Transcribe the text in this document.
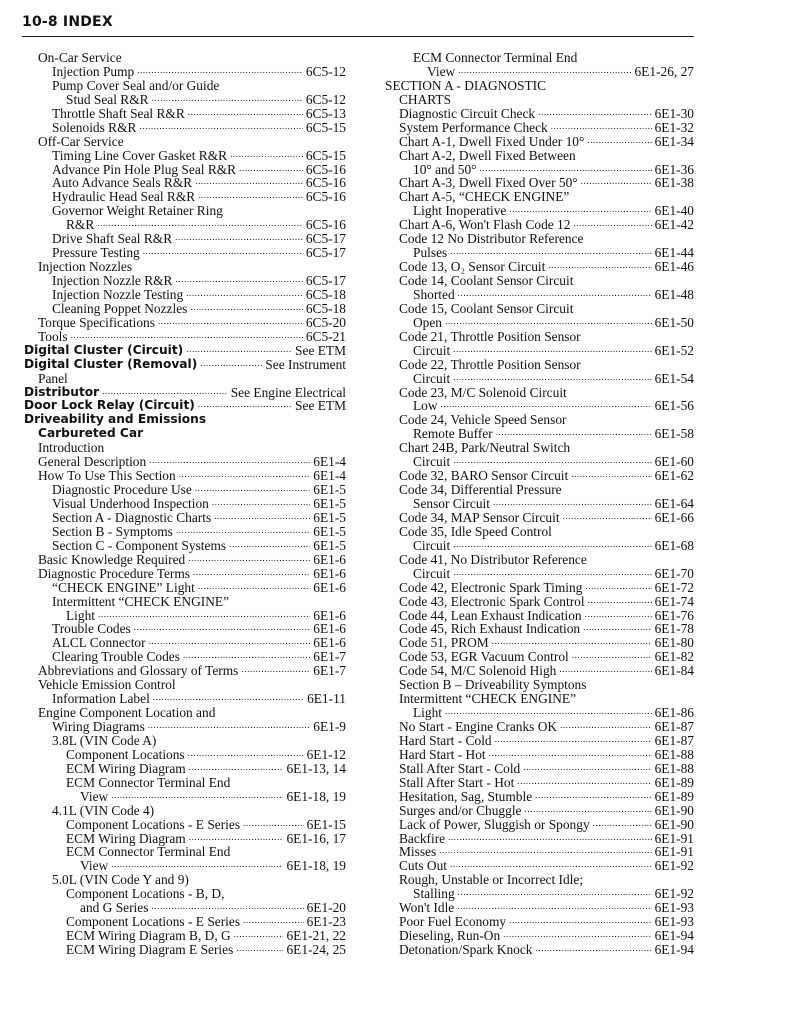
10-8 INDEX
On-Car Service
Injection Pump .....	6C5-12
Pump Cover Seal and/or Guide
Stud Seal R&R .....	6C5-12
Throttle Shaft Seal R&R .....	6C5-13
Solenoids R&R .....	6C5-15
Off-Car Service
Timing Line Cover Gasket R&R .....	6C5-15
Advance Pin Hole Plug Seal R&R .....	6C5-16
Auto Advance Seals R&R .....	6C5-16
Hydraulic Head Seal R&R .....	6C5-16
Governor Weight Retainer Ring
R&R .....	6C5-16
Drive Shaft Seal R&R .....	6C5-17
Pressure Testing .....	6C5-17
Injection Nozzles
Injection Nozzle R&R .....	6C5-17
Injection Nozzle Testing .....	6C5-18
Cleaning Poppet Nozzles .....	6C5-18
Torque Specifications .....	6C5-20
Tools .....	6C5-21
Digital Cluster (Circuit) .....	See ETM
Digital Cluster (Removal) .....	See Instrument
Panel
Distributor .....	See Engine Electrical
Door Lock Relay (Circuit) .....	See ETM
Driveability and Emissions
Carbureted Car
Introduction
General Description .....	6E1-4
How To Use This Section .....	6E1-4
Diagnostic Procedure Use .....	6E1-5
Visual Underhood Inspection .....	6E1-5
Section A - Diagnostic Charts .....	6E1-5
Section B - Symptoms .....	6E1-5
Section C - Component Systems .....	6E1-5
Basic Knowledge Required .....	6E1-6
Diagnostic Procedure Terms .....	6E1-6
“CHECK ENGINE” Light .....	6E1-6
Intermittent “CHECK ENGINE”
Light .....	6E1-6
Trouble Codes .....	6E1-6
ALCL Connector .....	6E1-6
Clearing Trouble Codes .....	6E1-7
Abbreviations and Glossary of Terms .....	6E1-7
Vehicle Emission Control
Information Label .....	6E1-11
Engine Component Location and
Wiring Diagrams .....	6E1-9
3.8L (VIN Code A)
Component Locations .....	6E1-12
ECM Wiring Diagram .....	6E1-13, 14
ECM Connector Terminal End
View .....	6E1-18, 19
4.1L (VIN Code 4)
Component Locations - E Series .....	6E1-15
ECM Wiring Diagram .....	6E1-16, 17
ECM Connector Terminal End
View .....	6E1-18, 19
5.0L (VIN Code Y and 9)
Component Locations - B, D,
and G Series .....	6E1-20
Component Locations - E Series .....	6E1-23
ECM Wiring Diagram B, D, G .....	6E1-21, 22
ECM Wiring Diagram E Series .....	6E1-24, 25
ECM Connector Terminal End
View .....	6E1-26, 27
SECTION A - DIAGNOSTIC
CHARTS
Diagnostic Circuit Check .....	6E1-30
System Performance Check .....	6E1-32
Chart A-1, Dwell Fixed Under 10° .....	6E1-34
Chart A-2, Dwell Fixed Between
10° and 50° .....	6E1-36
Chart A-3, Dwell Fixed Over 50° .....	6E1-38
Chart A-5, “CHECK ENGINE”
Light Inoperative .....	6E1-40
Chart A-6, Won't Flash Code 12 .....	6E1-42
Code 12 No Distributor Reference
Pulses .....	6E1-44
Code 13, O₂ Sensor Circuit .....	6E1-46
Code 14, Coolant Sensor Circuit
Shorted .....	6E1-48
Code 15, Coolant Sensor Circuit
Open .....	6E1-50
Code 21, Throttle Position Sensor
Circuit .....	6E1-52
Code 22, Throttle Position Sensor
Circuit .....	6E1-54
Code 23, M/C Solenoid Circuit
Low .....	6E1-56
Code 24, Vehicle Speed Sensor
Remote Buffer .....	6E1-58
Chart 24B, Park/Neutral Switch
Circuit .....	6E1-60
Code 32, BARO Sensor Circuit .....	6E1-62
Code 34, Differential Pressure
Sensor Circuit .....	6E1-64
Code 34, MAP Sensor Circuit .....	6E1-66
Code 35, Idle Speed Control
Circuit .....	6E1-68
Code 41, No Distributor Reference
Circuit .....	6E1-70
Code 42, Electronic Spark Timing .....	6E1-72
Code 43, Electronic Spark Control .....	6E1-74
Code 44, Lean Exhaust Indication .....	6E1-76
Code 45, Rich Exhaust Indication .....	6E1-78
Code 51, PROM .....	6E1-80
Code 53, EGR Vacuum Control .....	6E1-82
Code 54, M/C Solenoid High .....	6E1-84
Section B – Driveability Symptons
Intermittent “CHECK ENGINE”
Light .....	6E1-86
No Start - Engine Cranks OK .....	6E1-87
Hard Start - Cold .....	6E1-87
Hard Start - Hot .....	6E1-88
Stall After Start - Cold .....	6E1-88
Stall After Start - Hot .....	6E1-89
Hesitation, Sag, Stumble .....	6E1-89
Surges and/or Chuggle .....	6E1-90
Lack of Power, Sluggish or Spongy .....	6E1-90
Backfire .....	6E1-91
Misses .....	6E1-91
Cuts Out .....	6E1-92
Rough, Unstable or Incorrect Idle;
Stalling .....	6E1-92
Won't Idle .....	6E1-93
Poor Fuel Economy .....	6E1-93
Dieseling, Run-On .....	6E1-94
Detonation/Spark Knock .....	6E1-94
